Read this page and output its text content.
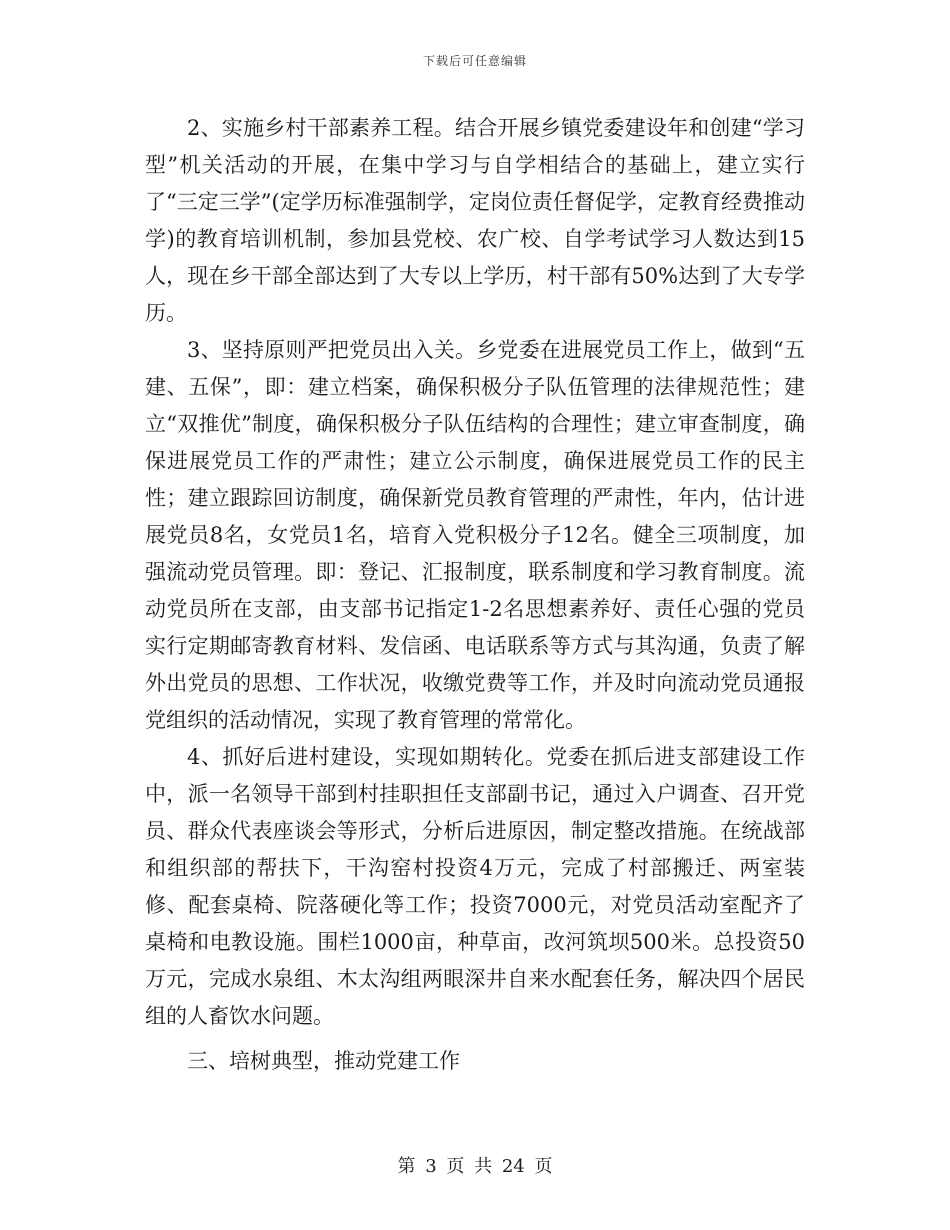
下载后可任意编辑

2、实施乡村干部素养工程。结合开展乡镇党委建设年和创建“学习型”机关活动的开展，在集中学习与自学相结合的基础上，建立实行了“三定三学”(定学历标准强制学，定岗位责任督促学，定教育经费推动学)的教育培训机制，参加县党校、农广校、自学考试学习人数达到15人，现在乡干部全部达到了大专以上学历，村干部有50%达到了大专学历。

3、坚持原则严把党员出入关。乡党委在进展党员工作上，做到“五建、五保”，即：建立档案，确保积极分子队伍管理的法律规范性；建立“双推优”制度，确保积极分子队伍结构的合理性；建立审查制度，确保进展党员工作的严肃性；建立公示制度，确保进展党员工作的民主性；建立跟踪回访制度，确保新党员教育管理的严肃性，年内，估计进展党员8名，女党员1名，培育入党积极分子12名。健全三项制度，加强流动党员管理。即：登记、汇报制度，联系制度和学习教育制度。流动党员所在支部，由支部书记指定1-2名思想素养好、责任心强的党员实行定期邮寄教育材料、发信函、电话联系等方式与其沟通，负责了解外出党员的思想、工作状况，收缴党费等工作，并及时向流动党员通报党组织的活动情况，实现了教育管理的常常化。

4、抓好后进村建设，实现如期转化。党委在抓后进支部建设工作中，派一名领导干部到村挂职担任支部副书记，通过入户调查、召开党员、群众代表座谈会等形式，分析后进原因，制定整改措施。在统战部和组织部的帮扶下，干沟窑村投资4万元，完成了村部搬迁、两室装修、配套桌椅、院落硬化等工作；投资7000元，对党员活动室配齐了桌椅和电教设施。围栏1000亩，种草亩，改河筑坝500米。总投资50万元，完成水泉组、木太沟组两眼深井自来水配套任务，解决四个居民组的人畜饮水问题。

三、培树典型，推动党建工作

第 3 页 共 24 页
